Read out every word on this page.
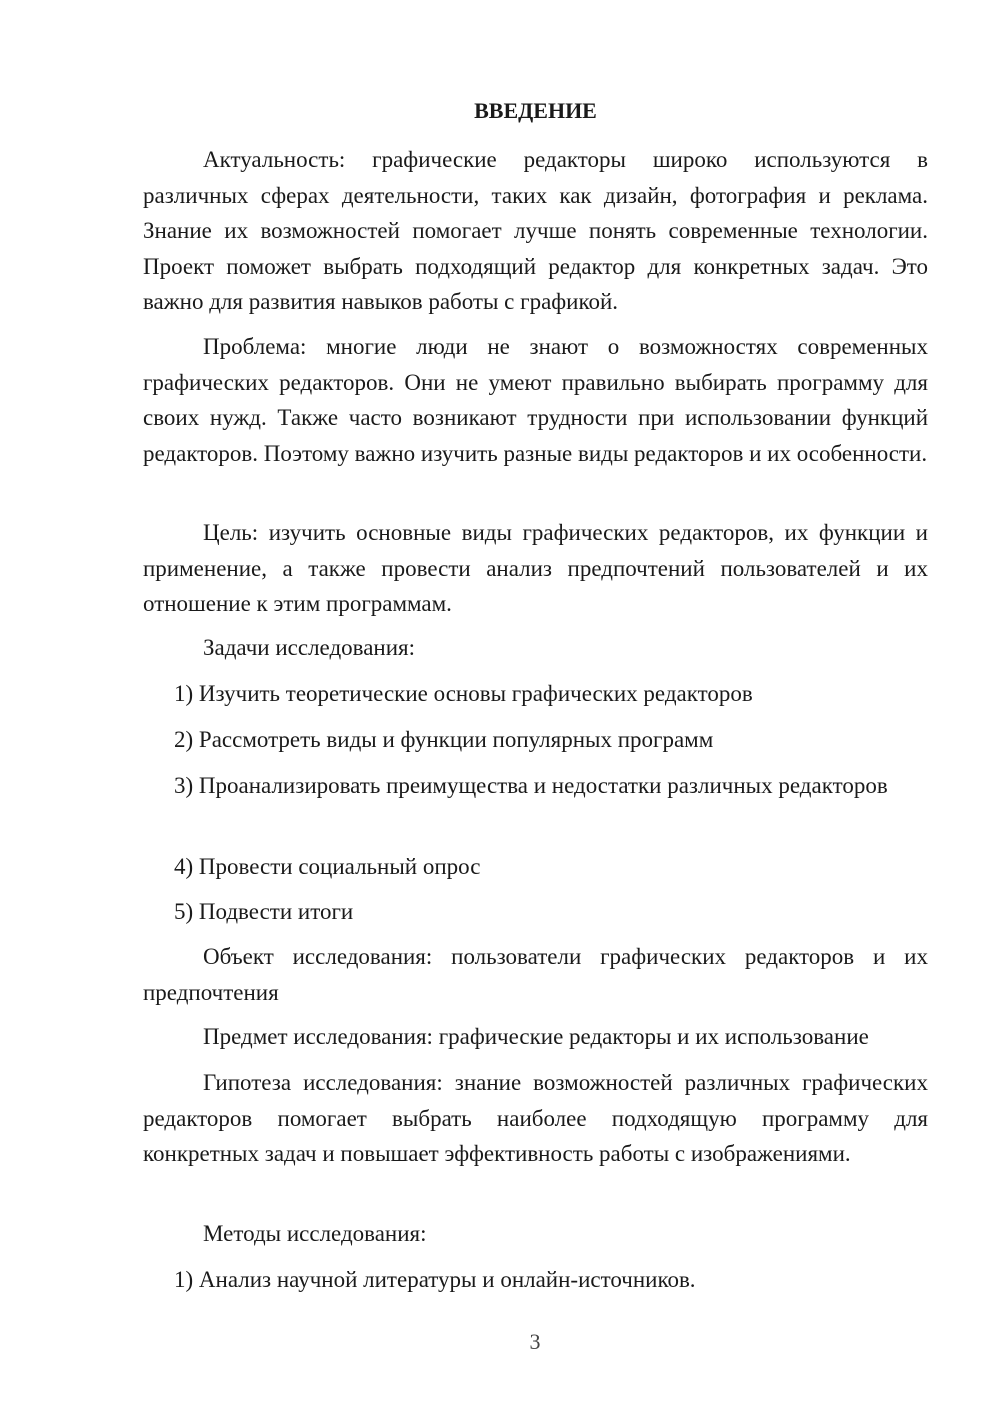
ВВЕДЕНИЕ

Актуальность: графические редакторы широко используются в различных сферах деятельности, таких как дизайн, фотография и реклама. Знание их возможностей помогает лучше понять современные технологии. Проект поможет выбрать подходящий редактор для конкретных задач. Это важно для развития навыков работы с графикой.

Проблема: многие люди не знают о возможностях современных графических редакторов. Они не умеют правильно выбирать программу для своих нужд. Также часто возникают трудности при использовании функций редакторов. Поэтому важно изучить разные виды редакторов и их особенности.

Цель: изучить основные виды графических редакторов, их функции и применение, а также провести анализ предпочтений пользователей и их отношение к этим программам.

Задачи исследования:

1) Изучить теоретические основы графических редакторов

2) Рассмотреть виды и функции популярных программ

3) Проанализировать преимущества и недостатки различных редакторов

4) Провести социальный опрос

5) Подвести итоги

Объект исследования: пользователи графических редакторов и их предпочтения

Предмет исследования: графические редакторы и их использование

Гипотеза исследования: знание возможностей различных графических редакторов помогает выбрать наиболее подходящую программу для конкретных задач и повышает эффективность работы с изображениями.

Методы исследования:

1) Анализ научной литературы и онлайн-источников.

3
